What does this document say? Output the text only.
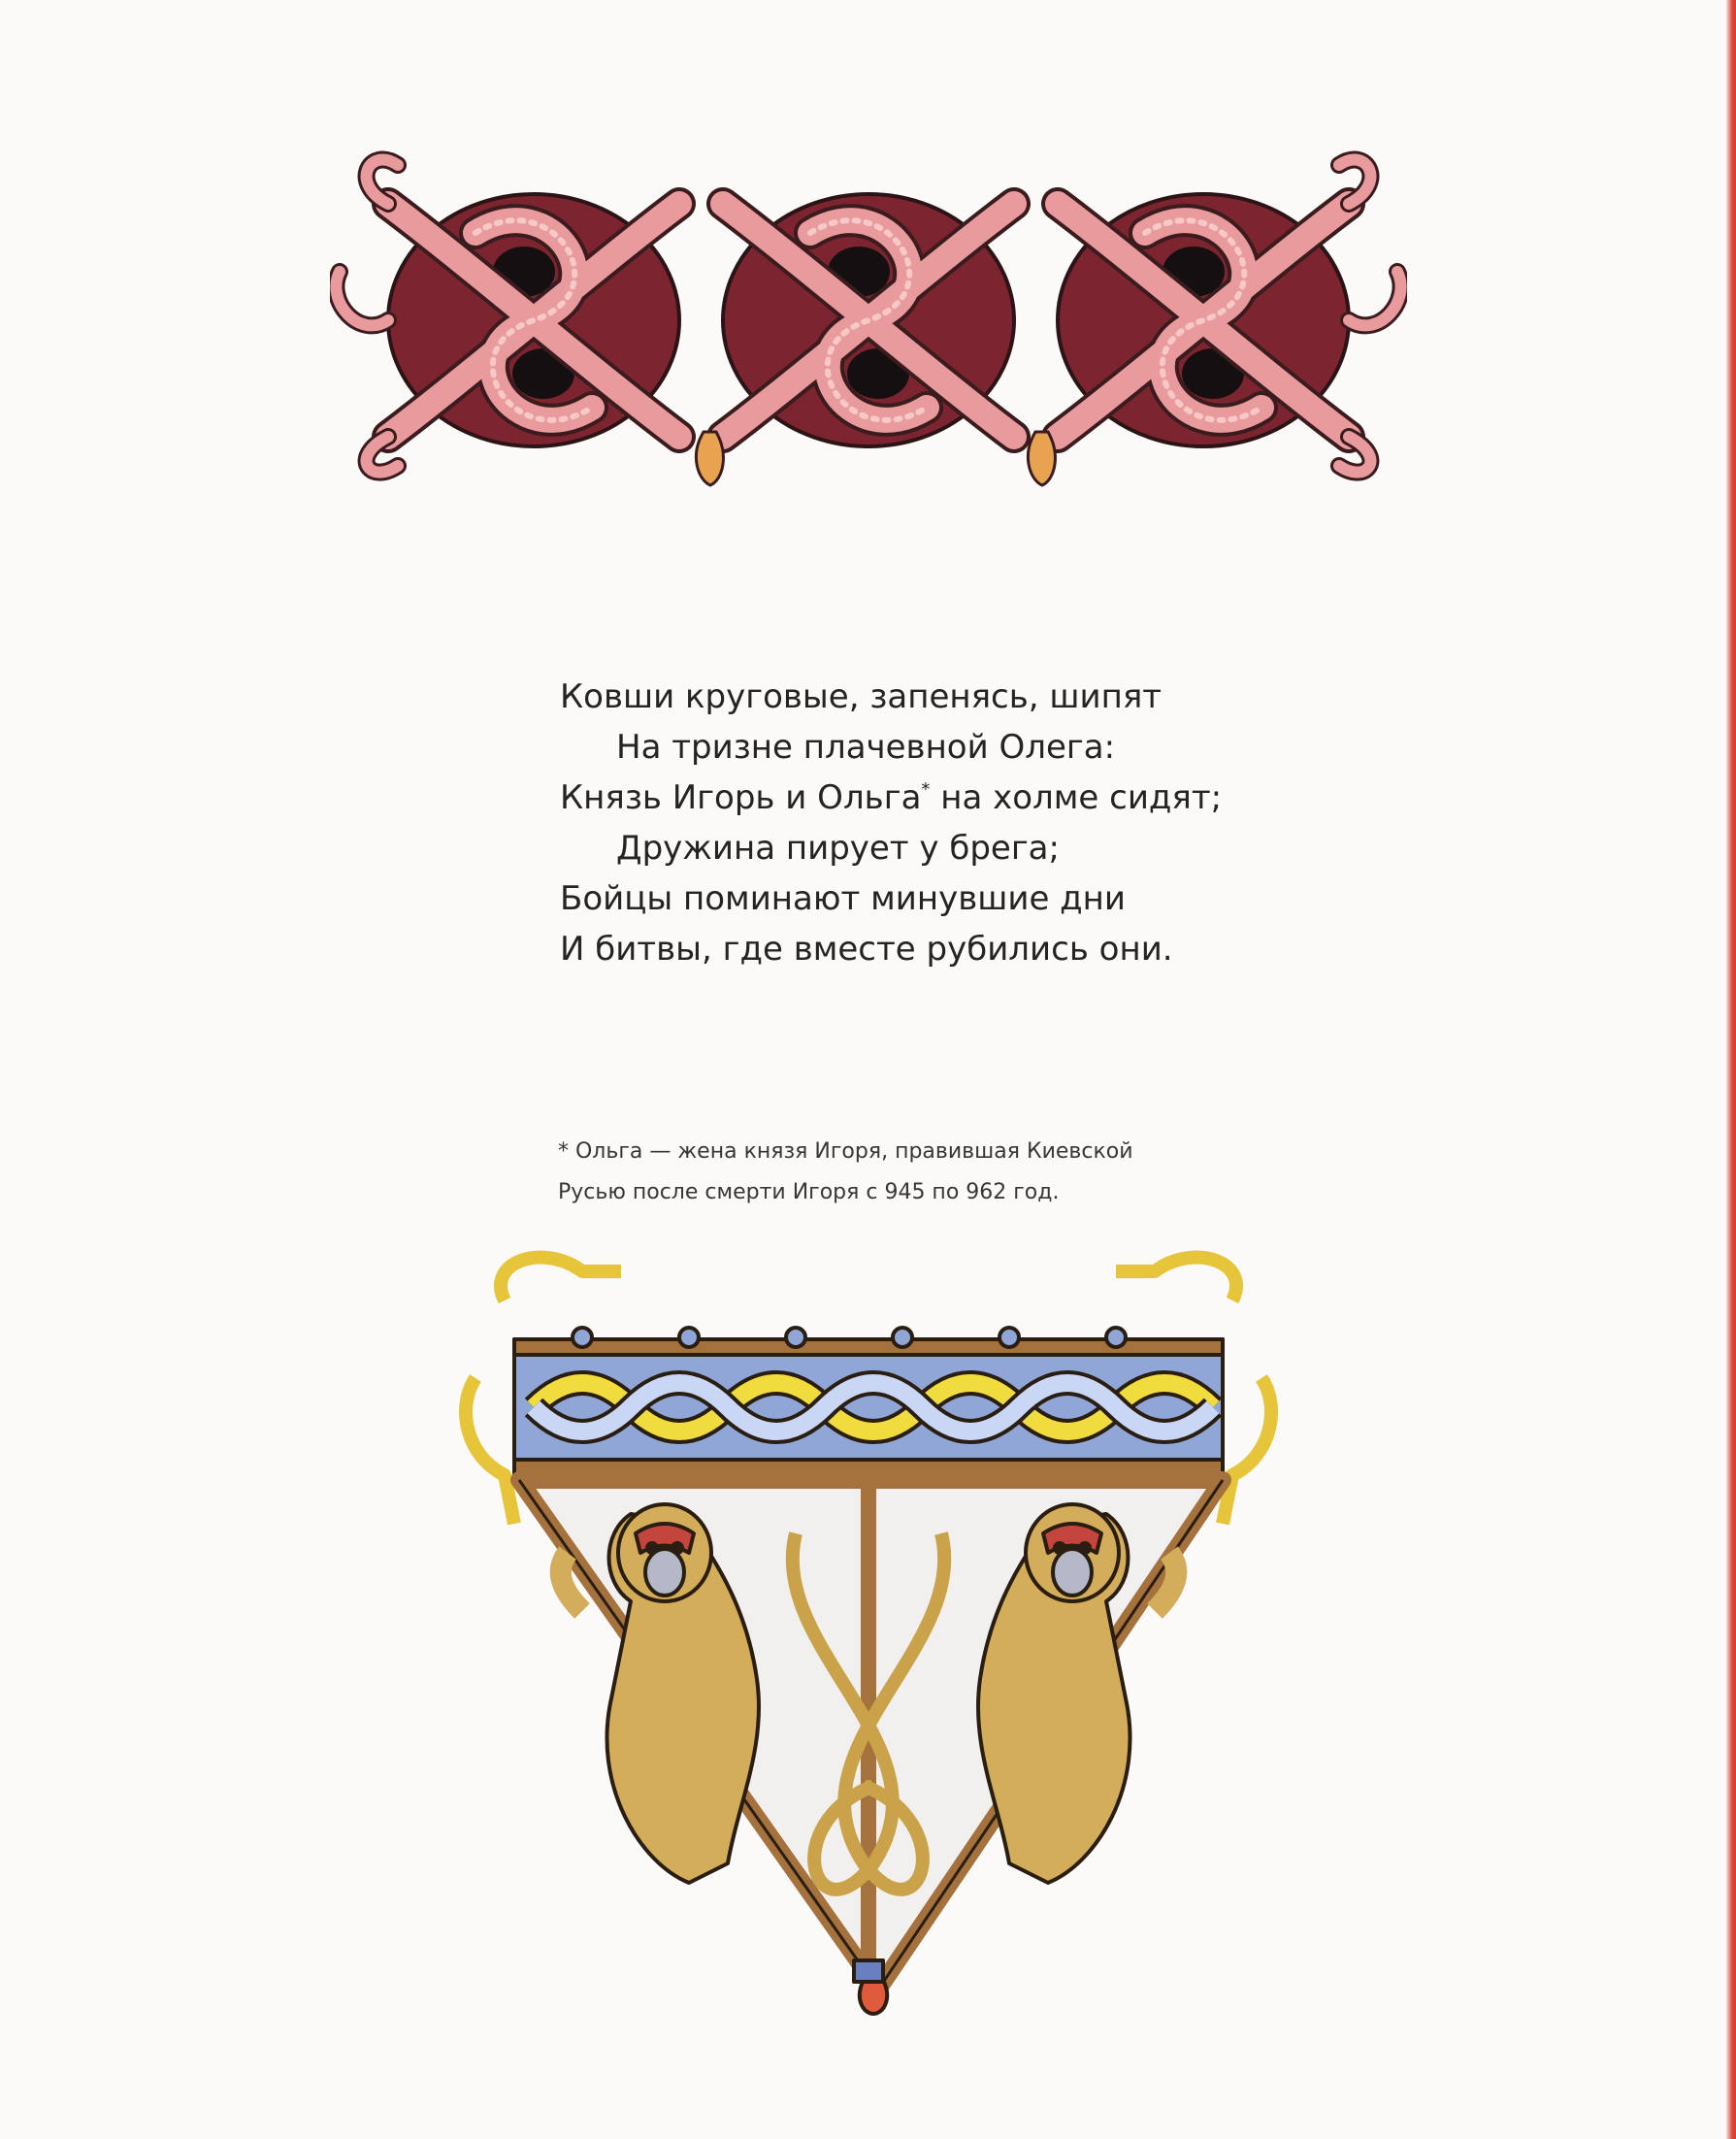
Ковши круговые, запенясь, шипят
На тризне плачевной Олега:
Князь Игорь и Ольга* на холме сидят;
Дружина пирует у брега;
Бойцы поминают минувшие дни
И битвы, где вместе рубились они.
* Ольга — жена князя Игоря, правившая Киевской
Русью после смерти Игоря с 945 по 962 год.
